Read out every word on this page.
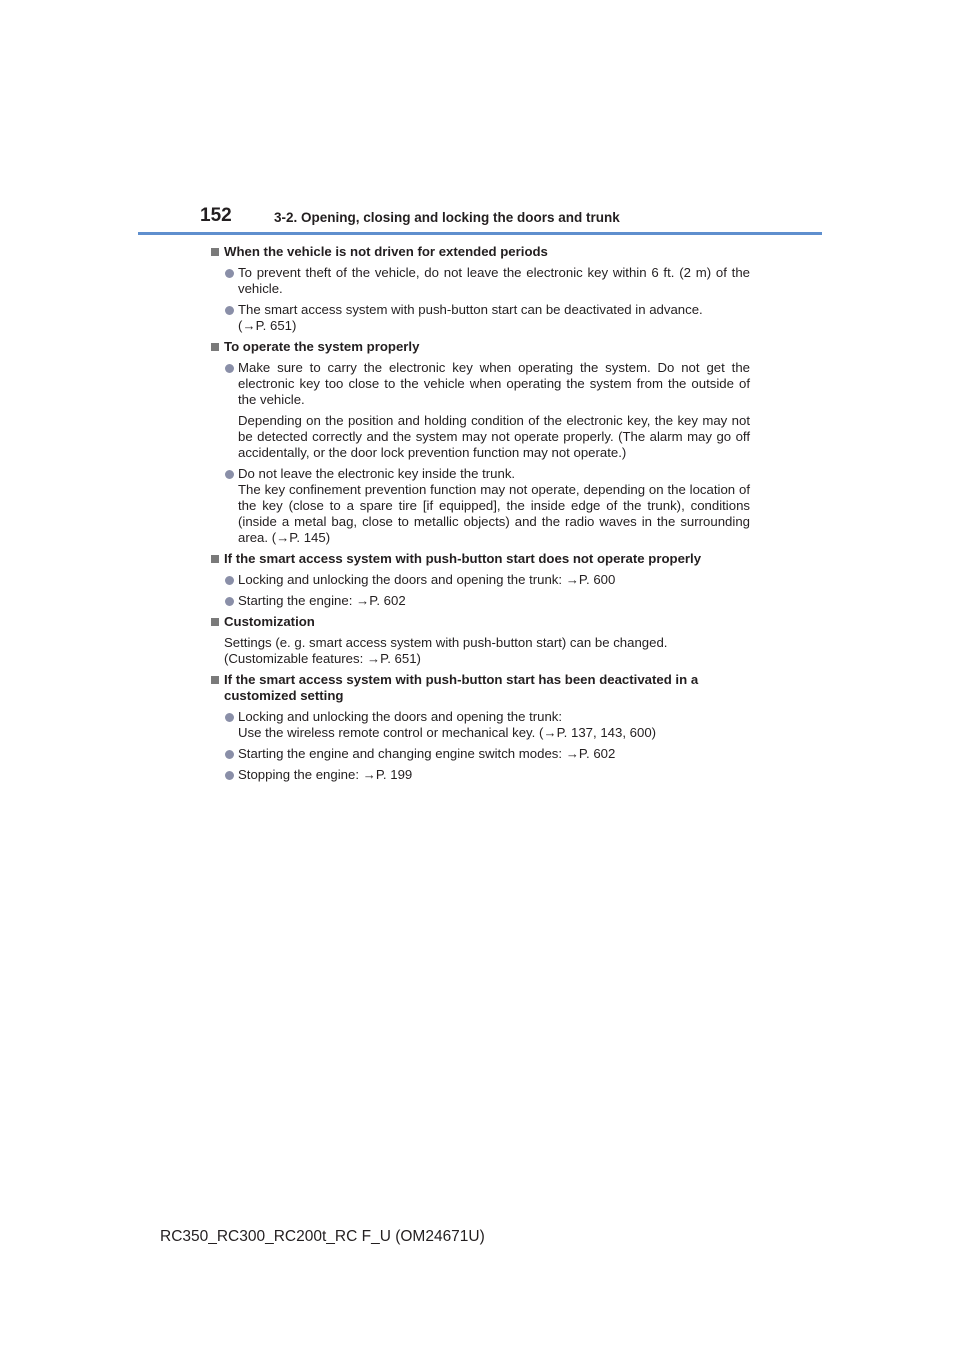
152	3-2. Opening, closing and locking the doors and trunk
When the vehicle is not driven for extended periods

To prevent theft of the vehicle, do not leave the electronic key within 6 ft. (2 m) of the vehicle.

The smart access system with push-button start can be deactivated in advance.

(→P. 651)

To operate the system properly

Make sure to carry the electronic key when operating the system. Do not get the electronic key too close to the vehicle when operating the system from the outside of the vehicle.

Depending on the position and holding condition of the electronic key, the key may not be detected correctly and the system may not operate properly. (The alarm may go off accidentally, or the door lock prevention function may not operate.)

Do not leave the electronic key inside the trunk.

The key confinement prevention function may not operate, depending on the location of the key (close to a spare tire [if equipped], the inside edge of the trunk), conditions (inside a metal bag, close to metallic objects) and the radio waves in the surrounding area. (→P. 145)

If the smart access system with push-button start does not operate properly

Locking and unlocking the doors and opening the trunk: →P. 600

Starting the engine: →P. 602

Customization

Settings (e. g. smart access system with push-button start) can be changed.

(Customizable features: →P. 651)

If the smart access system with push-button start has been deactivated in a customized setting

Locking and unlocking the doors and opening the trunk:

Use the wireless remote control or mechanical key. (→P. 137, 143, 600)

Starting the engine and changing engine switch modes: →P. 602

Stopping the engine: →P. 199

RC350_RC300_RC200t_RC F_U (OM24671U)
